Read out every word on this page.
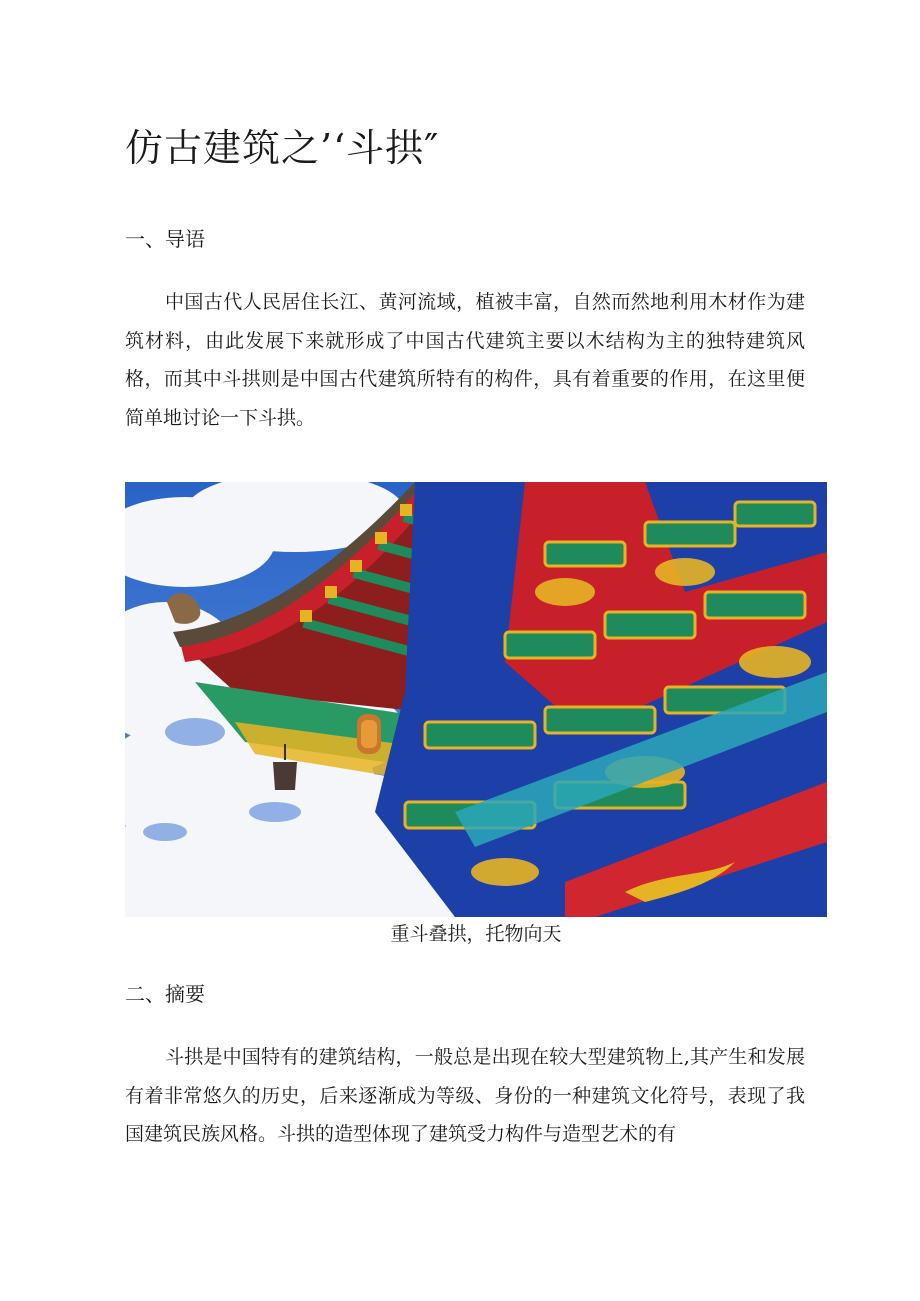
仿古建筑之’‘斗拱″
一、导语

中国古代人民居住长江、黄河流域，植被丰富，自然而然地利用木材作为建筑材料，由此发展下来就形成了中国古代建筑主要以木结构为主的独特建筑风格，而其中斗拱则是中国古代建筑所特有的构件，具有着重要的作用，在这里便简单地讨论一下斗拱。

重斗叠拱，托物向天

二、摘要

斗拱是中国特有的建筑结构，一般总是出现在较大型建筑物上,其产生和发展有着非常悠久的历史，后来逐渐成为等级、身份的一种建筑文化符号，表现了我国建筑民族风格。斗拱的造型体现了建筑受力构件与造型艺术的有
